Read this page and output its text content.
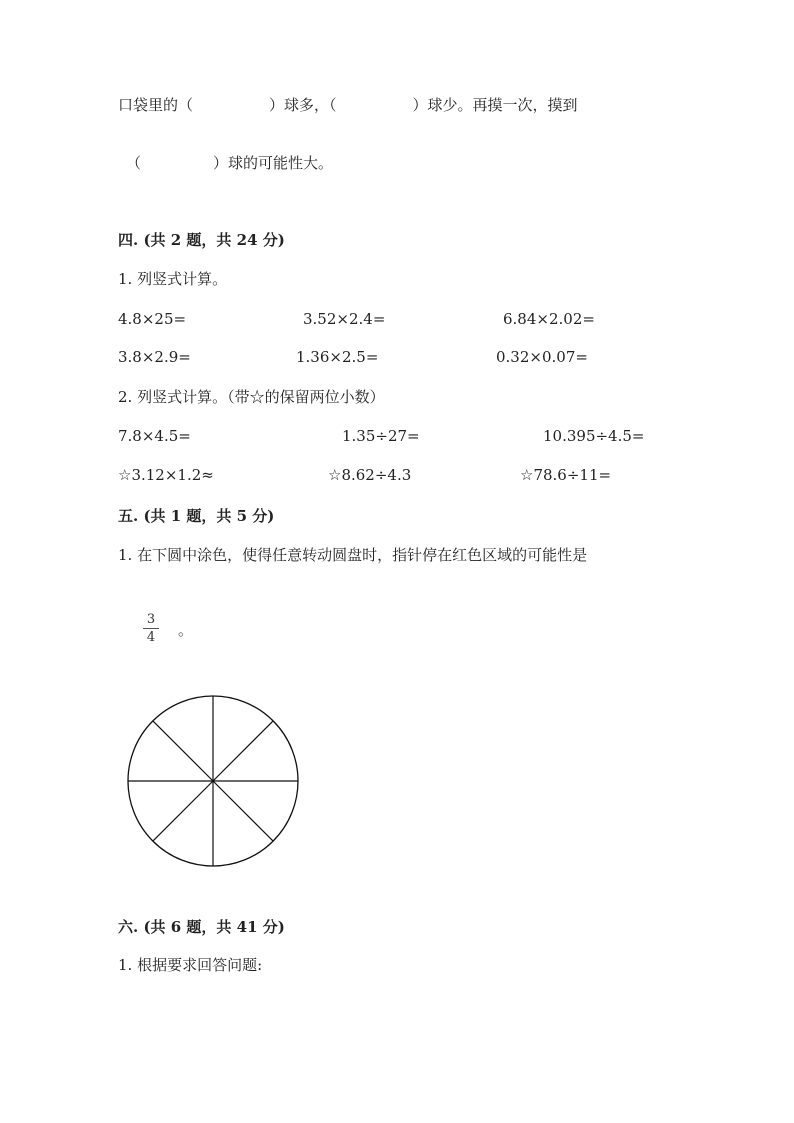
口袋里的（	）球多，（	）球少。再摸一次，摸到
（	）球的可能性大。
四. (共 2 题，共 24 分)
1. 列竖式计算。
4.8×25=	3.52×2.4=	6.84×2.02=
3.8×2.9=	1.36×2.5=	0.32×0.07=
2. 列竖式计算。（带☆的保留两位小数）
7.8×4.5=	1.35÷27=	10.395÷4.5=
☆3.12×1.2≈	☆8.62÷4.3	☆78.6÷11=
五. (共 1 题，共 5 分)
1. 在下圆中涂色，使得任意转动圆盘时，指针停在红色区域的可能性是
3
4 。
六. (共 6 题，共 41 分)
1. 根据要求回答问题:
